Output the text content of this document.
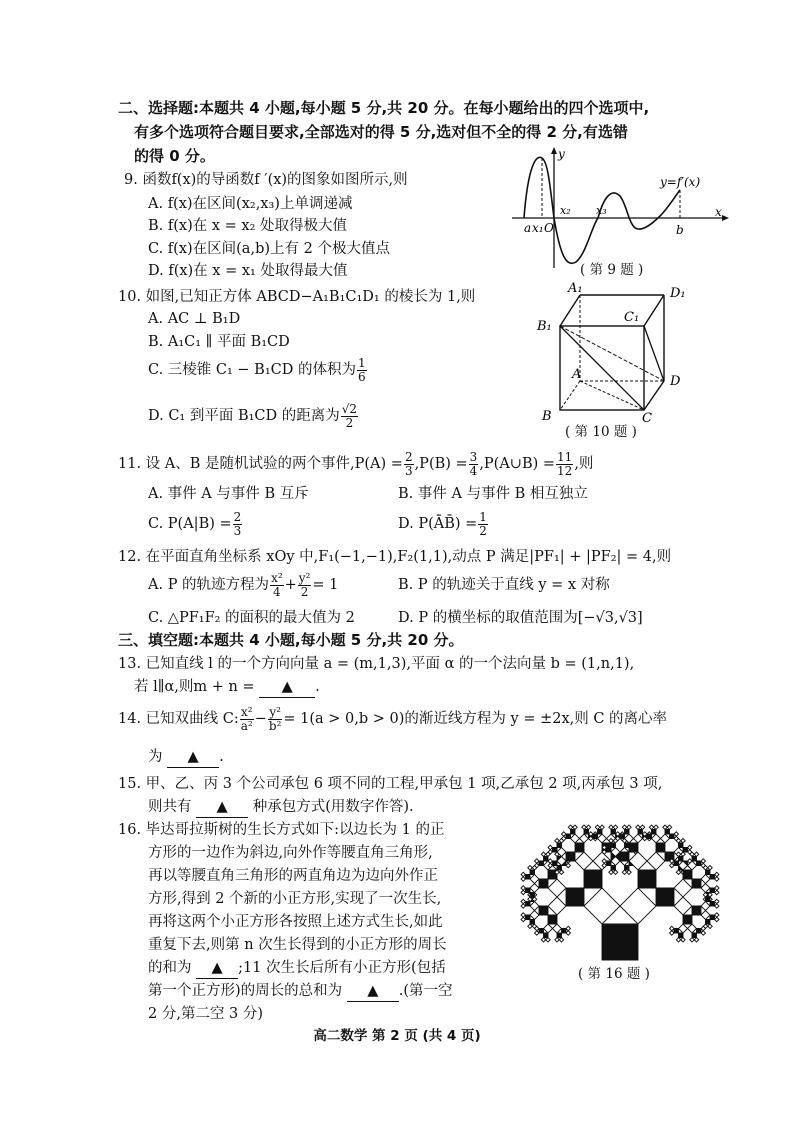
二、选择题:本题共 4 小题,每小题 5 分,共 20 分。在每小题给出的四个选项中,
有多个选项符合题目要求,全部选对的得 5 分,选对但不全的得 2 分,有选错
的得 0 分。
9. 函数f(x)的导函数f ′(x)的图象如图所示,则
A. f(x)在区间(x₂,x₃)上单调递减
B. f(x)在 x = x₂ 处取得极大值
C. f(x)在区间(a,b)上有 2 个极大值点
D. f(x)在 x = x₁ 处取得最大值
y
x
y=f′(x)
a x₁ O
x₂ x₃
b
( 第 9 题 )
10. 如图,已知正方体 ABCD−A₁B₁C₁D₁ 的棱长为 1,则
A. AC ⊥ B₁D
B. A₁C₁ ∥ 平面 B₁CD
C. 三棱锥 C₁ − B₁CD 的体积为 $\frac{1}{6}$
D. C₁ 到平面 B₁CD 的距离为 $\frac{√2}{2}$
A₁	D₁
B₁
C₁
A	D
B	C
( 第 10 题 )
11. 设 A、B 是随机试验的两个事件$,P(A) = \frac{2}{3} ,P(B) = \frac{3}{4}$ ,P(A∪B) = $\frac{11}{12}$ ,则
A. 事件 A 与事件 B 互斥	B. 事件 A 与事件 B 相互独立
C. $P(A|B) = \frac{2}{3}$	D. P(ĀB̄) = $\frac{1}{2}$
12. 在平面直角坐标系 xOy 中,F₁(−1,−1),F₂(1,1),动点 P 满足|PF₁| + |PF₂| = 4,则
A. P 的轨迹方程为 $\frac{\text{x²}}{4} + \frac{\text{y²}}{2} = 1$	B. P 的轨迹关于直线 y = x 对称
C. △PF₁F₂ 的面积的最大值为 2	D. P 的横坐标的取值范围为[−√3,√3]
三、填空题:本题共 4 小题,每小题 5 分,共 20 分。
13. 已知直线 l 的一个方向向量 a = (m,1,3),平面 α 的一个法向量 b = (1,n,1),
若 l∥α,则m + n = ▲ .
14. 已知双曲线 C: $\frac{\text{x²}}{\text{a²}} - \frac{\text{y²}}{\text{b²}} = 1(a > 0,b > 0)$的渐近线方程为 y = ±2x,则 C 的离心率
为 ▲ .
15. 甲、乙、丙 3 个公司承包 6 项不同的工程,甲承包 1 项,乙承包 2 项,丙承包 3 项,
则共有 ▲ 种承包方式(用数字作答).
16. 毕达哥拉斯树的生长方式如下:以边长为 1 的正
方形的一边作为斜边,向外作等腰直角三角形,
再以等腰直角三角形的两直角边为边向外作正
方形,得到 2 个新的小正方形,实现了一次生长,
再将这两个小正方形各按照上述方式生长,如此
重复下去,则第 n 次生长得到的小正方形的周长
的和为 ▲ ;11 次生长后所有小正方形(包括
第一个正方形)的周长的总和为 ▲ .(第一空
2 分,第二空 3 分)
( 第 16 题 )
高二数学 第 2 页 (共 4 页)
